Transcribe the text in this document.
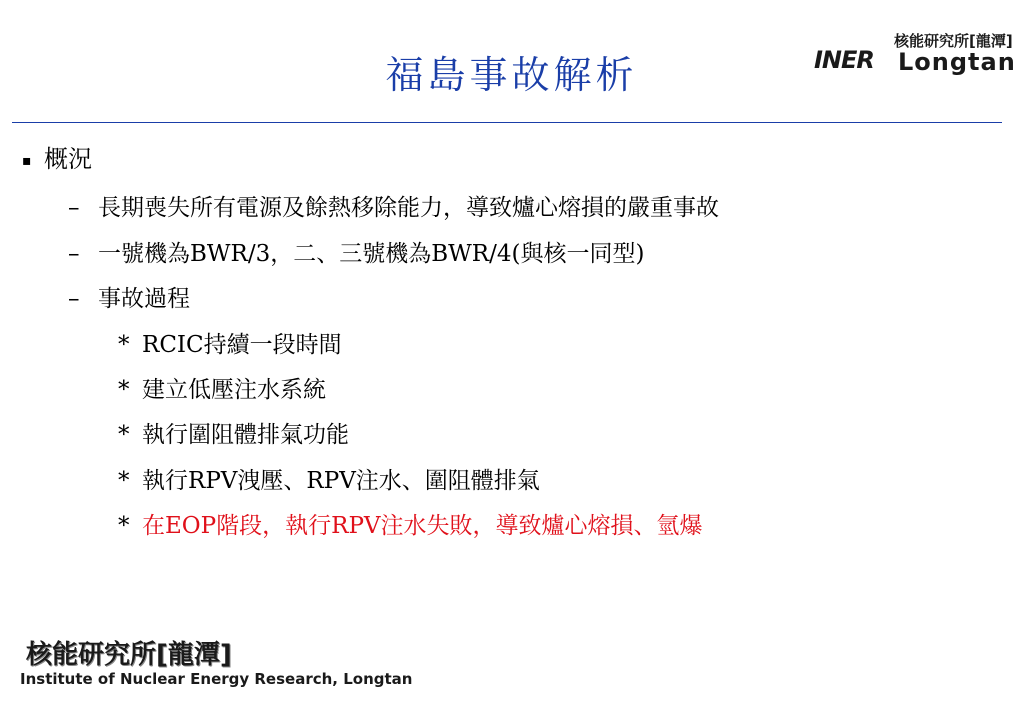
INER
核能研究所[龍潭]
Longtan
福島事故解析
▪ 概況
– 長期喪失所有電源及餘熱移除能力，導致爐心熔損的嚴重事故
– 一號機為BWR/3，二、三號機為BWR/4(與核一同型)
– 事故過程
* RCIC持續一段時間
* 建立低壓注水系統
* 執行圍阻體排氣功能
* 執行RPV洩壓、RPV注水、圍阻體排氣
* 在EOP階段，執行RPV注水失敗，導致爐心熔損、氫爆
核能研究所[龍潭]
Institute of Nuclear Energy Research, Longtan
